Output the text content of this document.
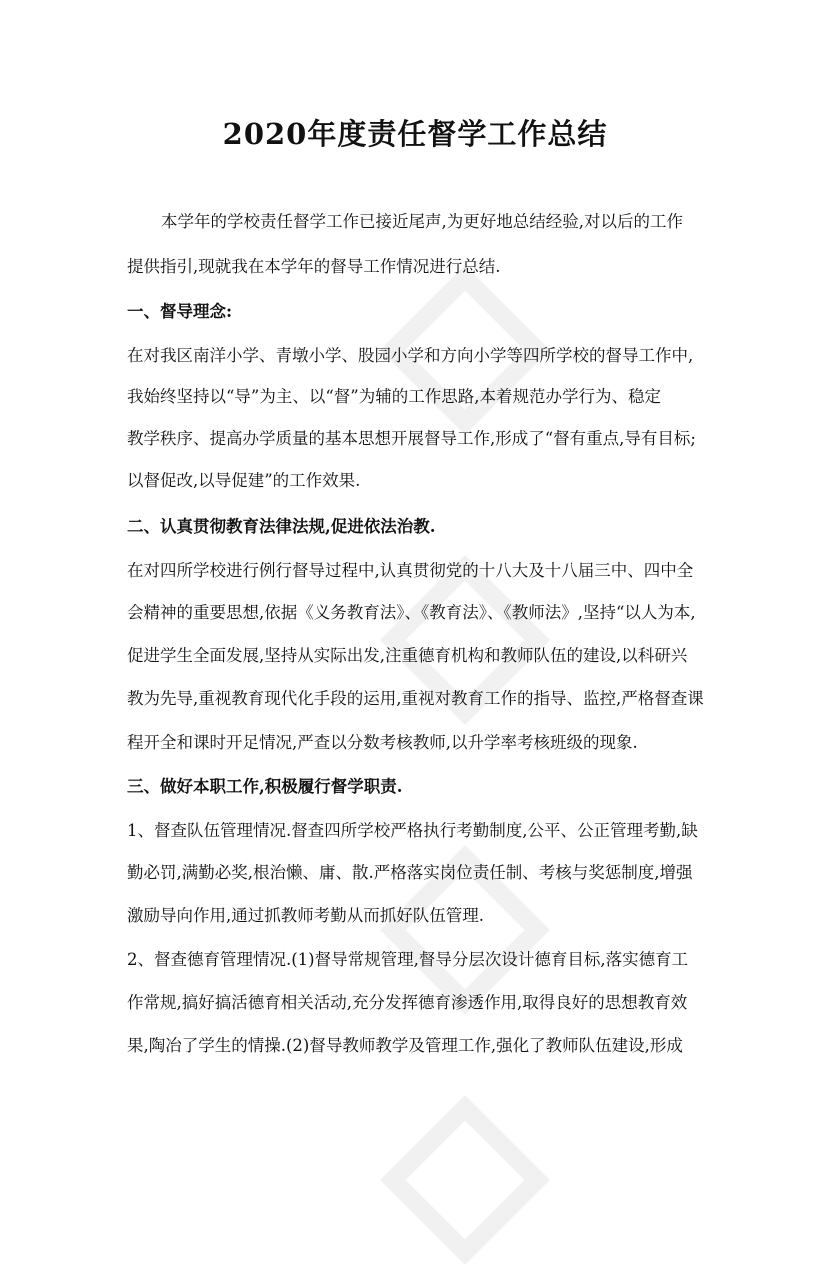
2020年度责任督学工作总结
本学年的学校责任督学工作已接近尾声,为更好地总结经验,对以后的工作
提供指引,现就我在本学年的督导工作情况进行总结.
一、督导理念:
在对我区南洋小学、青墩小学、股园小学和方向小学等四所学校的督导工作中,
我始终坚持以“导”为主、以“督”为辅的工作思路,本着规范办学行为、稳定
教学秩序、提高办学质量的基本思想开展督导工作,形成了“督有重点,导有目标;
以督促改,以导促建”的工作效果.
二、认真贯彻教育法律法规,促进依法治教.
在对四所学校进行例行督导过程中,认真贯彻党的十八大及十八届三中、四中全
会精神的重要思想,依据《义务教育法》、《教育法》、《教师法》,坚持“以人为本,
促进学生全面发展,坚持从实际出发,注重德育机构和教师队伍的建设,以科研兴
教为先导,重视教育现代化手段的运用,重视对教育工作的指导、监控,严格督查课
程开全和课时开足情况,严查以分数考核教师,以升学率考核班级的现象.
三、做好本职工作,积极履行督学职责.
1、督查队伍管理情况.督查四所学校严格执行考勤制度,公平、公正管理考勤,缺
勤必罚,满勤必奖,根治懒、庸、散.严格落实岗位责任制、考核与奖惩制度,增强
激励导向作用,通过抓教师考勤从而抓好队伍管理.
2、督查德育管理情况.(1)督导常规管理,督导分层次设计德育目标,落实德育工
作常规,搞好搞活德育相关活动,充分发挥德育渗透作用,取得良好的思想教育效
果,陶冶了学生的情操.(2)督导教师教学及管理工作,强化了教师队伍建设,形成
